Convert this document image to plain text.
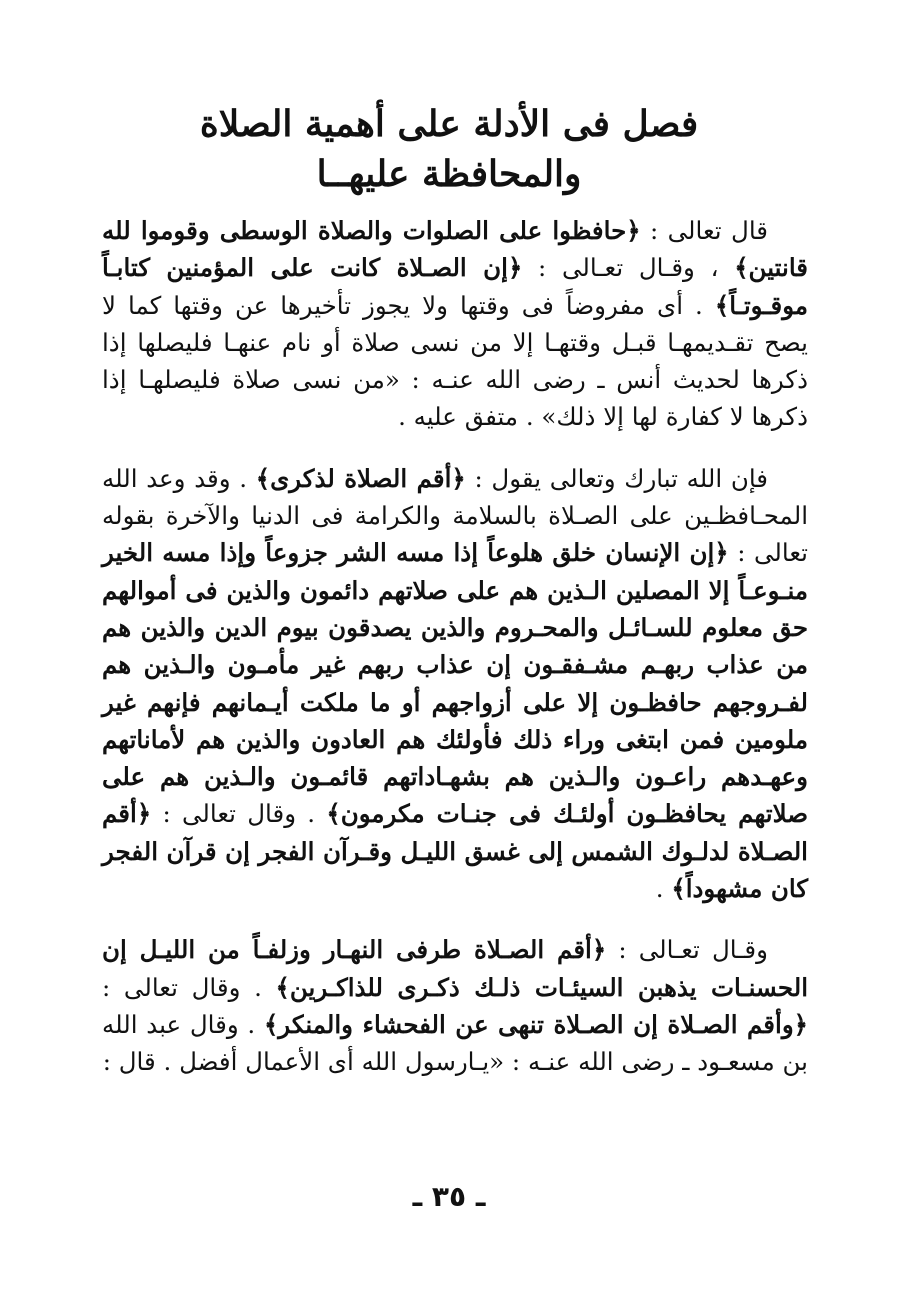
فصل فى الأدلة على أهمية الصلاة
والمحافظة عليهــا

قال تعالى : ﴿حافظوا على الصلوات والصلاة الوسطى وقوموا لله قانتين﴾ ، وقـال تعـالى : ﴿إن الصـلاة كانت على المؤمنين كتابـاً موقـوتـاً﴾ . أى مفروضاً فى وقتها ولا يجوز تأخيرها عن وقتها كما لا يصح تقـديمهـا قبـل وقتهـا إلا من نسى صلاة أو نام عنهـا فليصلها إذا ذكرها لحديث أنس ـ رضى الله عنـه : «من نسى صلاة فليصلهـا إذا ذكرها لا كفارة لها إلا ذلك» . متفق عليه .

فإن الله تبارك وتعالى يقول : ﴿أقم الصلاة لذكرى﴾ . وقد وعد الله المحـافظـين على الصـلاة بالسلامة والكرامة فى الدنيا والآخرة بقوله تعالى : ﴿إن الإنسان خلق هلوعاً إذا مسه الشر جزوعاً وإذا مسه الخير منـوعـاً إلا المصلين الـذين هم على صلاتهم دائمون والذين فى أموالهم حق معلوم للسـائـل والمحـروم والذين يصدقون بيوم الدين والذين هم من عذاب ربهـم مشـفقـون إن عذاب ربهم غير مأمـون والـذين هم لفـروجهم حافظـون إلا على أزواجهم أو ما ملكت أيـمانهم فإنهم غير ملومين فمن ابتغى وراء ذلك فأولئك هم العادون والذين هم لأماناتهم وعهـدهم راعـون والـذين هم بشهـاداتهم قائمـون والـذين هم على صلاتهم يحافظـون أولئـك فى جنـات مكرمون﴾ . وقال تعالى : ﴿أقم الصـلاة لدلـوك الشمس إلى غسق الليـل وقـرآن الفجر إن قرآن الفجر كان مشهوداً﴾ .

وقـال تعـالى : ﴿أقم الصـلاة طرفى النهـار وزلفـاً من الليـل إن الحسنـات يذهبن السيئـات ذلـك ذكـرى للذاكـرين﴾ . وقال تعالى : ﴿وأقم الصـلاة إن الصـلاة تنهى عن الفحشاء والمنكر﴾ . وقال عبد الله بن مسعـود ـ رضى الله عنـه : «يـارسول الله أى الأعمال أفضل . قال :

ـ ٣٥ ـ
